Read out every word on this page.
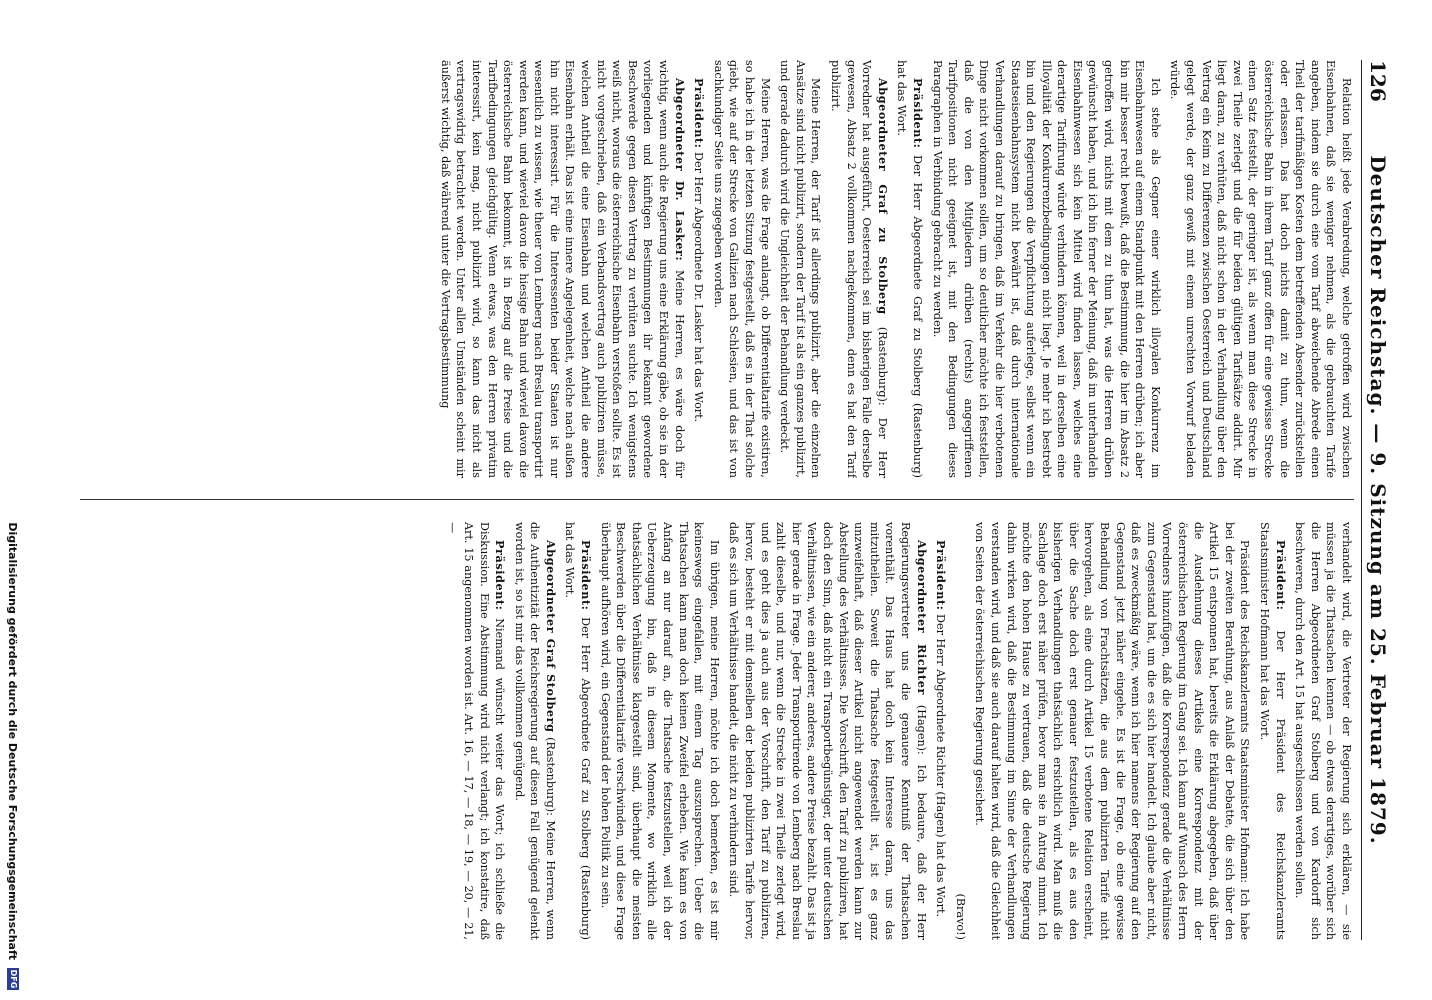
126
Deutscher Reichstag. — 9. Sitzung am 25. Februar 1879.

Relation heißt jede Verabredung, welche getroffen wird zwischen Eisenbahnen, daß sie weniger nehmen, als die gebrauchten Tarife angeben, indem sie durch eine vom Tarif abweichende Abrede einen Theil der tarifmäßigen Kosten dem betreffenden Absender zurückstellen oder erlassen. Das hat doch nichts damit zu thun, wenn die österreichische Bahn in ihrem Tarif ganz offen für eine gewisse Strecke einen Satz feststellt, der geringer ist, als wenn man diese Strecke in zwei Theile zerlegt und die für beiden gültigen Tarifsätze addirt. Mir liegt daran, zu verhüten, daß nicht schon in der Verhandlung über den Vertrag ein Keim zu Differenzen zwischen Oesterreich und Deutschland gelegt werde, der ganz gewiß mit einem unrechten Vorwurf beladen würde.

Ich stehe als Gegner einer wirklich illoyalen Konkurrenz im Eisenbahnwesen auf einem Standpunkt mit den Herren drüben; ich aber bin mir besser recht bewußt, daß die Bestimmung, die hier im Absatz 2 getroffen wird, nichts mit dem zu thun hat, was die Herren drüben gewünscht haben, und ich bin ferner der Meinung, daß im unterhandeln Eisenbahnwesen sich kein Mittel wird finden lassen, welches eine derartige Tarifirung würde verhindern können, weil in derselben eine Illoyalität der Konkurrenzbedingungen nicht liegt. Je mehr ich bestrebt bin und den Regierungen die Verpflichtung auferlege, selbst wenn ein Staatseisenbahnsystem nicht bewährt ist, daß durch internationale Verhandlungen darauf zu bringen, daß im Verkehr die hier verbotenen Dinge nicht vorkommen sollen, um so deutlicher möchte ich feststellen, daß die von den Mitgliedern drüben (rechts) angegriffenen Tarifpositionen nicht geeignet ist, mit den Bedingungen dieses Paragraphen in Verbindung gebracht zu werden.

Präsident: Der Herr Abgeordnete Graf zu Stolberg (Rastenburg) hat das Wort.

Abgeordneter Graf zu Stolberg (Rastenburg): Der Herr Vorredner hat ausgeführt, Oesterreich sei im bisherigen Falle derselbe gewesen, Absatz 2 vollkommen nachgekommen, denn es hat den Tarif publizirt.

Meine Herren, der Tarif ist allerdings publizirt, aber die einzelnen Ansätze sind nicht publizirt, sondern der Tarif ist als ein ganzes publizirt, und gerade dadurch wird die Ungleichheit der Behandlung verdeckt.

Meine Herren, was die Frage anlangt, ob Differentialtarife existiren, so habe ich in der letzten Sitzung festgestellt, daß es in der That solche giebt, wie auf der Strecke von Galizien nach Schlesien, und das ist von sachkundiger Seite uns zugegeben worden.

Präsident: Der Herr Abgeordnete Dr. Lasker hat das Wort.

Abgeordneter Dr. Lasker: Meine Herren, es wäre doch für wichtig, wenn auch die Regierung uns eine Erklärung gäbe, ob sie in der vorliegenden und künftigen Bestimmungen ihr bekannt gewordene Beschwerde gegen diesen Vertrag zu verhüten suchte. Ich wenigstens weiß nicht, woraus die österreichische Eisenbahn verstoßen sollte. Es ist nicht vorgeschrieben, daß ein Verbandsvertrag auch publiziren müsse, welchen Antheil die eine Eisenbahn und welchen Antheil die andere Eisenbahn erhält. Das ist eine innere Angelegenheit, welche nach außen hin nicht interessirt. Für die Interessenten beider Staaten ist nur wesentlich zu wissen, wie theuer von Lemberg nach Breslau transportirt werden kann, und wieviel davon die hiesige Bahn und wieviel davon die österreichische Bahn bekommt, ist in Bezug auf die Preise und die Tarifbedingungen gleichgültig. Wenn etwas, was den Herren privatim interessirt, kein mag, nicht publizirt wird, so kann das nicht als vertragswidrig betrachtet werden. Unter allen Umständen scheint mir äußerst wichtig, daß während unter die Vertragsbestimmung

verhandelt wird, die Vertreter der Regierung sich erklären, — sie müssen ja die Thatsachen kennen — ob etwas derartiges, worüber sich die Herren Abgeordneten Graf Stolberg und von Kardorff sich beschweren, durch den Art. 15 hat ausgeschlossen werden sollen.

Präsident: Der Herr Präsident des Reichskanzleramts Staatsminister Hofmann hat das Wort.

Präsident des Reichskanzleramts Staatsminister Hofmann: Ich habe bei der zweiten Berathung, aus Anlaß der Debatte, die sich über den Artikel 15 entsponnen hat, bereits die Erklärung abgegeben, daß über die Ausdehnung dieses Artikels eine Korrespondenz mit der österreichischen Regierung im Gang sei. Ich kann auf Wunsch des Herrn Vorredners hinzufügen, daß die Korrespondenz gerade die Verhältnisse zum Gegenstand hat, um die es sich hier handelt. Ich glaube aber nicht, daß es zweckmäßig wäre, wenn ich hier namens der Regierung auf den Gegenstand jetzt näher eingehe. Es ist die Frage, ob eine gewisse Behandlung von Frachtsätzen, die aus dem publizirten Tarife nicht hervorgehen, als eine durch Artikel 15 verbotene Relation erscheint, über die Sache doch erst genauer festzustellen, als es aus den bisherigen Verhandlungen thatsächlich ersichtlich wird. Man muß die Sachlage doch erst näher prüfen, bevor man sie in Antrag nimmt. Ich möchte den hohen Hause zu vertrauen, daß die deutsche Regierung dahin wirken wird, daß die Bestimmung im Sinne der Verhandlungen verstanden wird, und daß sie auch darauf halten wird, daß die Gleichheit von Seiten der österreichischen Regierung gesichert.

(Bravo!)

Präsident: Der Herr Abgeordnete Richter (Hagen) hat das Wort.

Abgeordneter Richter (Hagen): Ich bedaure, daß der Herr Regierungsvertreter uns die genauere Kenntniß der Thatsachen vorenthält. Das Haus hat doch kein Interesse daran, uns das mitzutheilen. Soweit die Thatsache festgestellt ist, ist es ganz unzweifelhaft, daß dieser Artikel nicht angewendet werden kann zur Abstellung des Verhältnisses. Die Vorschrift, den Tarif zu publiziren, hat doch den Sinn, daß nicht ein Transportbegünstiger, der unter deutschen Verhältnissen, wie ein anderer, anderes, andere Preise bezahlt. Das ist ja hier gerade in Frage. Jeder Transportirende von Lemberg nach Breslau zahlt dieselbe, und nur, wenn die Strecke in zwei Theile zerlegt wird, und es geht dies ja auch aus der Vorschrift, den Tarif zu publiziren, hervor, besteht er mit demselben der beiden publizirten Tarife hervor, daß es sich um Verhältnisse handelt, die nicht zu verhindern sind.

Im übrigen, meine Herren, möchte ich doch bemerken, es ist mir keineswegs eingefallen, mit einem Tag auszusprechen. Ueber die Thatsachen kann man doch keinen Zweifel erheben. Wie kann es von Anfang an nur darauf an, die Thatsache festzustellen, weil ich der Ueberzeugung bin, daß in diesem Momente, wo wirklich alle thatsächlichen Verhältnisse klargestellt sind, überhaupt die meisten Beschwerden über die Differentialtarife verschwinden, und diese Frage überhaupt aufhören wird, ein Gegenstand der hohen Politik zu sein.

Präsident: Der Herr Abgeordnete Graf zu Stolberg (Rastenburg) hat das Wort.

Abgeordneter Graf Stolberg (Rastenburg): Meine Herren, wenn die Authentizität der Reichsregierung auf diesen Fall genügend gelenkt worden ist, so ist mir das vollkommen genügend.

Präsident: Niemand wünscht weiter das Wort; ich schließe die Diskussion. Eine Abstimmung wird nicht verlangt; ich konstatire, daß Art. 15 angenommen worden ist. Art. 16, — 17, — 18, — 19, — 20, — 21, —

Digitalisierung gefördert durch die Deutsche Forschungsgemeinschaft
DFG
